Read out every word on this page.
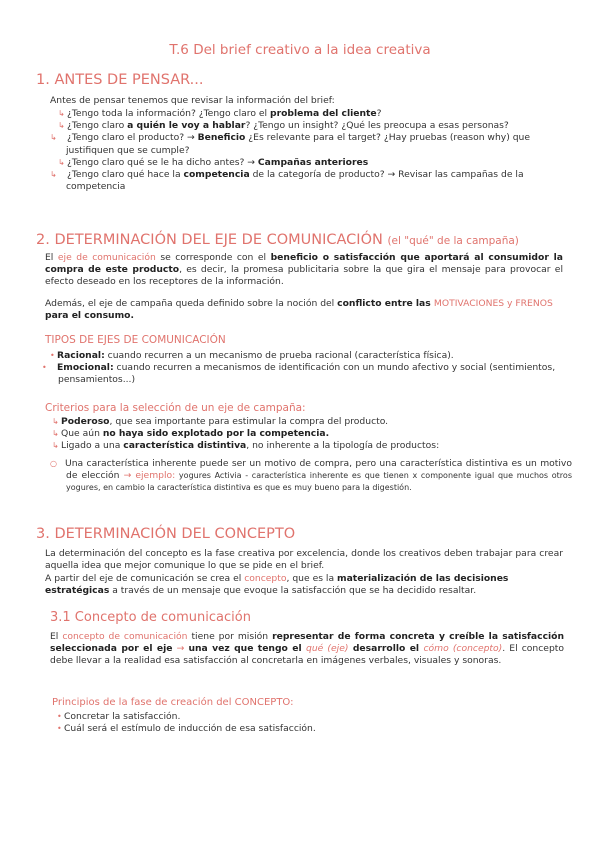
T.6 Del brief creativo a la idea creativa
1. ANTES DE PENSAR...
Antes de pensar tenemos que revisar la información del brief:
↳ ¿Tengo toda la información? ¿Tengo claro el problema del cliente?
↳ ¿Tengo claro a quién le voy a hablar? ¿Tengo un insight? ¿Qué les preocupa a esas personas?
↳ ¿Tengo claro el producto? → Beneficio ¿Es relevante para el target? ¿Hay pruebas (reason why) que justifiquen que se cumple?
↳ ¿Tengo claro qué se le ha dicho antes? → Campañas anteriores
↳ ¿Tengo claro qué hace la competencia de la categoría de producto? → Revisar las campañas de la competencia
2. DETERMINACIÓN DEL EJE DE COMUNICACIÓN (el "qué" de la campaña)
El eje de comunicación se corresponde con el beneficio o satisfacción que aportará al consumidor la compra de este producto, es decir, la promesa publicitaria sobre la que gira el mensaje para provocar el efecto deseado en los receptores de la información.
Además, el eje de campaña queda definido sobre la noción del conflicto entre las MOTIVACIONES y FRENOS para el consumo.
TIPOS DE EJES DE COMUNICACIÓN
• Racional: cuando recurren a un mecanismo de prueba racional (característica física).
• Emocional: cuando recurren a mecanismos de identificación con un mundo afectivo y social (sentimientos, pensamientos...)
Criterios para la selección de un eje de campaña:
↳ Poderoso, que sea importante para estimular la compra del producto.
↳ Que aún no haya sido explotado por la competencia.
↳ Ligado a una característica distintiva, no inherente a la tipología de productos:
○ Una característica inherente puede ser un motivo de compra, pero una característica distintiva es un motivo de elección → ejemplo: yogures Activia - característica inherente es que tienen x componente igual que muchos otros yogures, en cambio la característica distintiva es que es muy bueno para la digestión.
3. DETERMINACIÓN DEL CONCEPTO
La determinación del concepto es la fase creativa por excelencia, donde los creativos deben trabajar para crear aquella idea que mejor comunique lo que se pide en el brief.
A partir del eje de comunicación se crea el concepto, que es la materialización de las decisiones estratégicas a través de un mensaje que evoque la satisfacción que se ha decidido resaltar.
3.1 Concepto de comunicación
El concepto de comunicación tiene por misión representar de forma concreta y creíble la satisfacción seleccionada por el eje → una vez que tengo el qué (eje) desarrollo el cómo (concepto). El concepto debe llevar a la realidad esa satisfacción al concretarla en imágenes verbales, visuales y sonoras.
Principios de la fase de creación del CONCEPTO:
• Concretar la satisfacción.
• Cuál será el estímulo de inducción de esa satisfacción.
